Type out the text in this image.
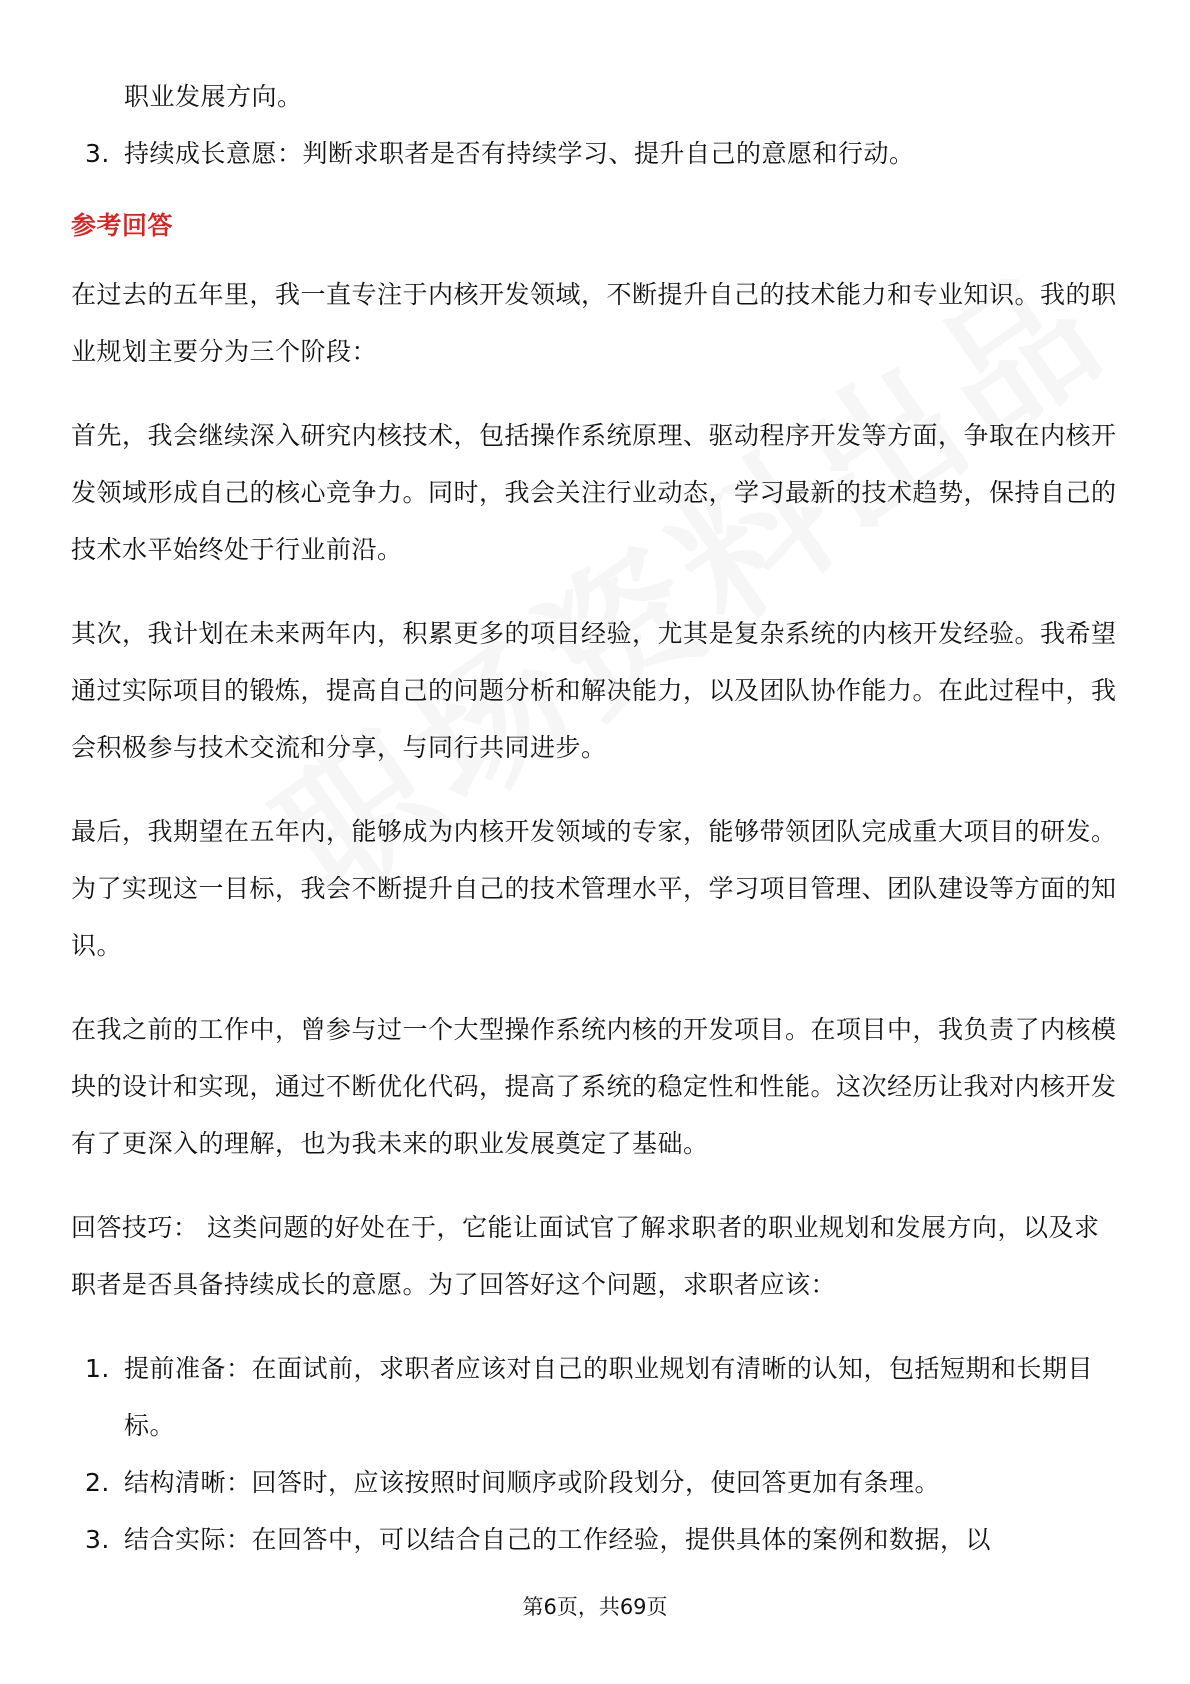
职业发展方向。

3. 持续成长意愿：判断求职者是否有持续学习、提升自己的意愿和行动。
参考回答

在过去的五年里，我一直专注于内核开发领域，不断提升自己的技术能力和专业知识。我的职业规划主要分为三个阶段：

首先，我会继续深入研究内核技术，包括操作系统原理、驱动程序开发等方面，争取在内核开发领域形成自己的核心竞争力。同时，我会关注行业动态，学习最新的技术趋势，保持自己的技术水平始终处于行业前沿。

其次，我计划在未来两年内，积累更多的项目经验，尤其是复杂系统的内核开发经验。我希望通过实际项目的锻炼，提高自己的问题分析和解决能力，以及团队协作能力。在此过程中，我会积极参与技术交流和分享，与同行共同进步。

最后，我期望在五年内，能够成为内核开发领域的专家，能够带领团队完成重大项目的研发。为了实现这一目标，我会不断提升自己的技术管理水平，学习项目管理、团队建设等方面的知识。

在我之前的工作中，曾参与过一个大型操作系统内核的开发项目。在项目中，我负责了内核模块的设计和实现，通过不断优化代码，提高了系统的稳定性和性能。这次经历让我对内核开发有了更深入的理解，也为我未来的职业发展奠定了基础。

回答技巧： 这类问题的好处在于，它能让面试官了解求职者的职业规划和发展方向，以及求职者是否具备持续成长的意愿。为了回答好这个问题，求职者应该：

1. 提前准备：在面试前，求职者应该对自己的职业规划有清晰的认知，包括短期和长期目标。
2. 结构清晰：回答时，应该按照时间顺序或阶段划分，使回答更加有条理。
3. 结合实际：在回答中，可以结合自己的工作经验，提供具体的案例和数据，以
第6页，共69页
